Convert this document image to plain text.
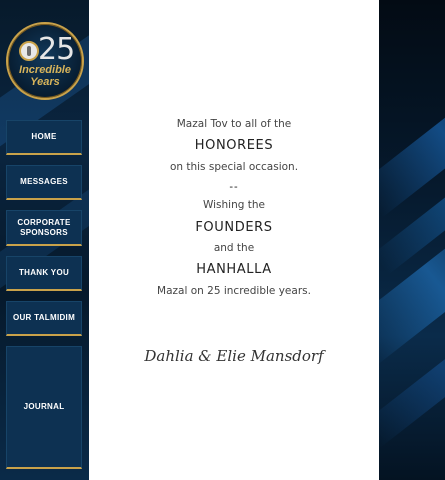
25
Incredible
Years
HOME
MESSAGES
CORPORATE
SPONSORS
THANK YOU
OUR TALMIDIM
JOURNAL
Mazal Tov to all of the
HONOREES
on this special occasion.
--
Wishing the
FOUNDERS
and the
HANHALLA
Mazal on 25 incredible years.
Dahlia & Elie Mansdorf
